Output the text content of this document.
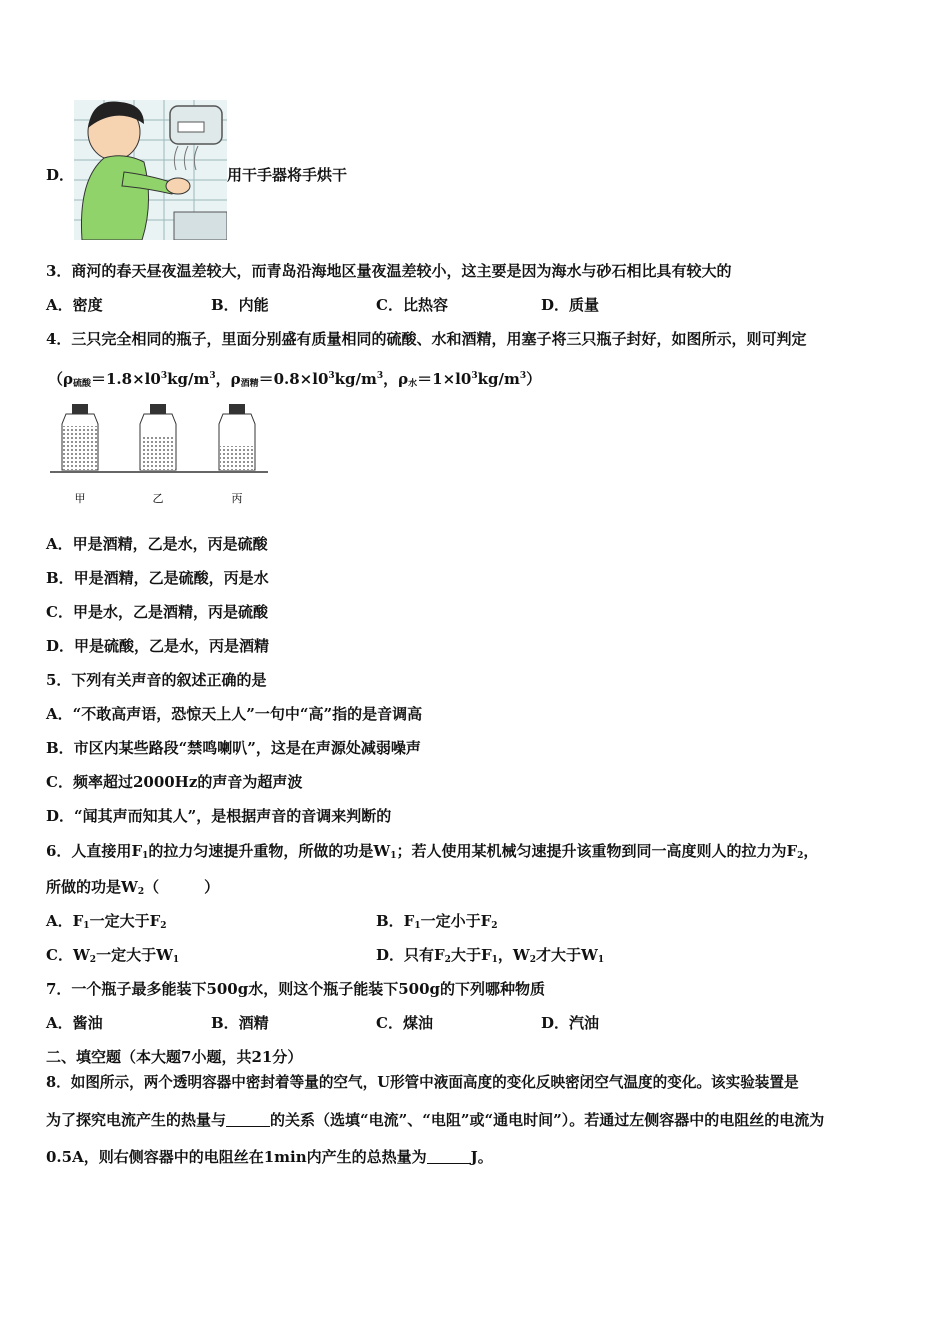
D．	用干手器将手烘干
3．商河的春天昼夜温差较大，而青岛沿海地区量夜温差较小，这主要是因为海水与砂石相比具有较大的
A．密度	B．内能	C．比热容	D．质量
4．三只完全相同的瓶子，里面分别盛有质量相同的硫酸、水和酒精，用塞子将三只瓶子封好，如图所示，则可判定
（$\rho_{硫酸}=1.8\times l0^3kg/m^3$，$\rho_{酒精}=0.8\times l0^3kg/m^3$，$\rho_水=1\times l0^3kg/m^3$）
甲	乙	丙
A．甲是酒精，乙是水，丙是硫酸
B．甲是酒精，乙是硫酸，丙是水
C．甲是水，乙是酒精，丙是硫酸
D．甲是硫酸，乙是水，丙是酒精
5．下列有关声音的叙述正确的是
A．“不敢高声语，恐惊天上人”一句中“高”指的是音调高
B．市区内某些路段“禁鸣喇叭”，这是在声源处减弱噪声
C．频率超过2000Hz的声音为超声波
D．“闻其声而知其人”，是根据声音的音调来判断的
6．人直接用$F_1$的拉力匀速提升重物，所做的功是$W_1$；若人使用某机械匀速提升该重物到同一高度则人的拉力为$F_2$，
所做的功是$W_2$（　　　）
A．$F_1$一定大于$F_2$	B．$F_1$一定小于$F_2$
C．$W_2$一定大于$W_1$	D．只有$F_2$大于$F_1$，$W_2$才大于$W_1$
7．一个瓶子最多能装下500g水，则这个瓶子能装下500g的下列哪种物质
A．酱油	B．酒精	C．煤油	D．汽油
二、填空题（本大题7小题，共21分）
8．如图所示，两个透明容器中密封着等量的空气，U形管中液面高度的变化反映密闭空气温度的变化。该实验装置是
为了探究电流产生的热量与	的关系（选填“电流”、“电阻”或“通电时间”）。若通过左侧容器中的电阻丝的电流为
0.5A，则右侧容器中的电阻丝在1min内产生的总热量为	J。
